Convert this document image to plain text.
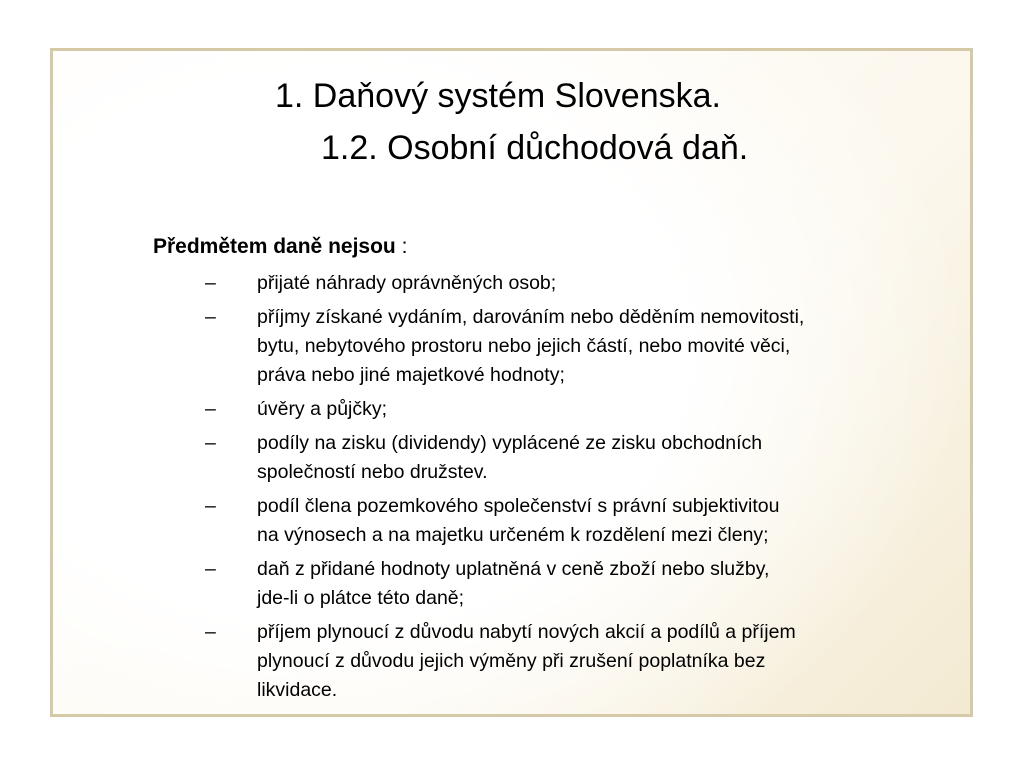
1. Daňový systém Slovenska.
1.2. Osobní důchodová daň.
Předmětem daně nejsou :
– přijaté náhrady oprávněných osob;
– příjmy získané vydáním, darováním nebo děděním nemovitosti,
bytu, nebytového prostoru nebo jejich částí, nebo movité věci,
práva nebo jiné majetkové hodnoty;
– úvěry a půjčky;
– podíly na zisku (dividendy) vyplácené ze zisku obchodních
společností nebo družstev.
– podíl člena pozemkového společenství s právní subjektivitou
na výnosech a na majetku určeném k rozdělení mezi členy;
– daň z přidané hodnoty uplatněná v ceně zboží nebo služby,
jde-li o plátce této daně;
– příjem plynoucí z důvodu nabytí nových akcií a podílů a příjem
plynoucí z důvodu jejich výměny při zrušení poplatníka bez
likvidace.
